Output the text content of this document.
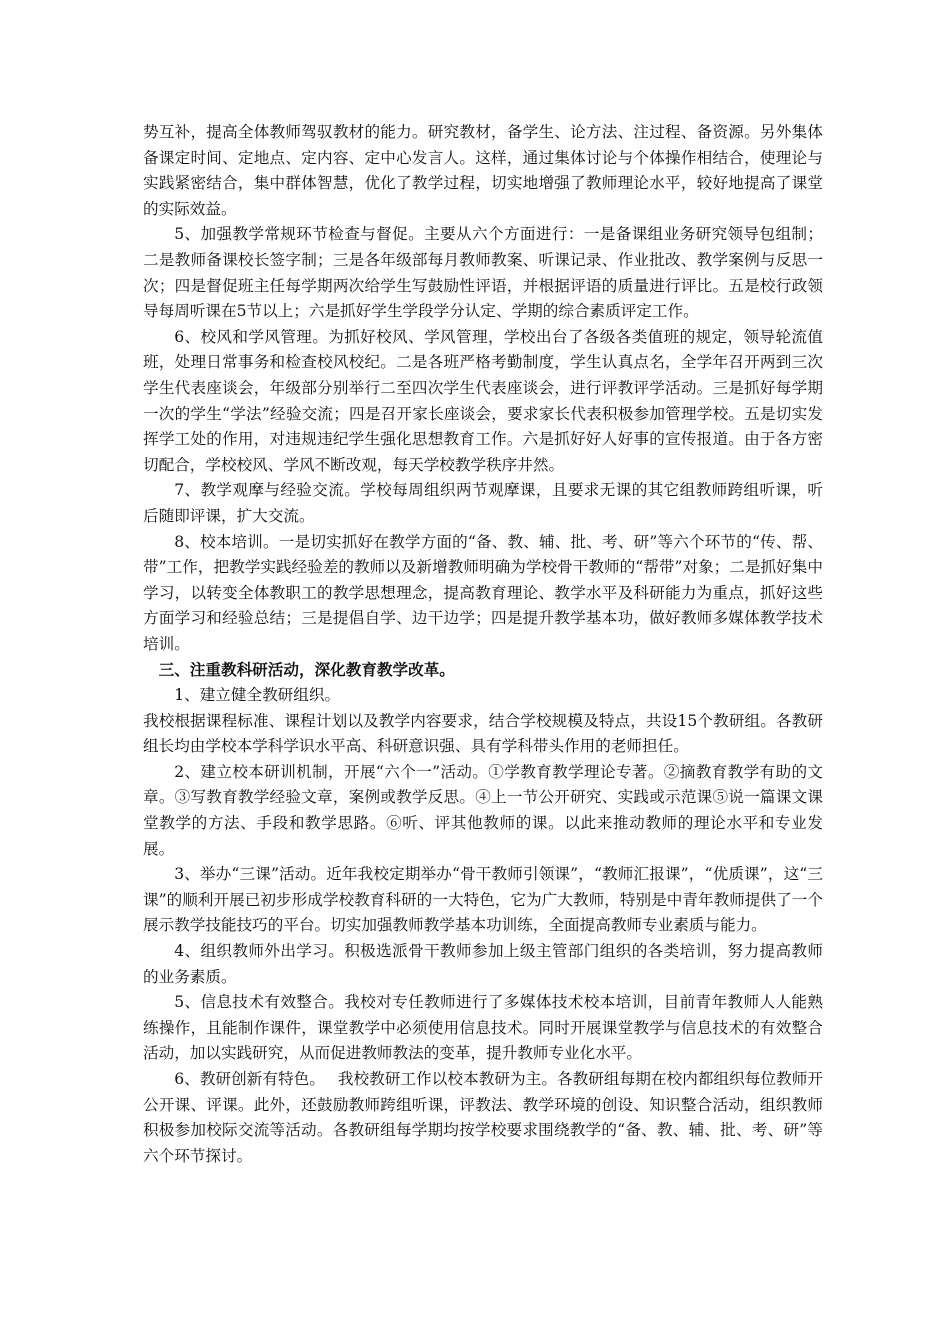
势互补，提高全体教师驾驭教材的能力。研究教材，备学生、论方法、注过程、备资源。另外集体备课定时间、定地点、定内容、定中心发言人。这样，通过集体讨论与个体操作相结合，使理论与实践紧密结合，集中群体智慧，优化了教学过程，切实地增强了教师理论水平，较好地提高了课堂的实际效益。

5、加强教学常规环节检查与督促。主要从六个方面进行：一是备课组业务研究领导包组制；二是教师备课校长签字制；三是各年级部每月教师教案、听课记录、作业批改、教学案例与反思一次；四是督促班主任每学期两次给学生写鼓励性评语，并根据评语的质量进行评比。五是校行政领导每周听课在5节以上；六是抓好学生学段学分认定、学期的综合素质评定工作。

6、校风和学风管理。为抓好校风、学风管理，学校出台了各级各类值班的规定，领导轮流值班，处理日常事务和检查校风校纪。二是各班严格考勤制度，学生认真点名，全学年召开两到三次学生代表座谈会，年级部分别举行二至四次学生代表座谈会，进行评教评学活动。三是抓好每学期一次的学生“学法”经验交流；四是召开家长座谈会，要求家长代表积极参加管理学校。五是切实发挥学工处的作用，对违规违纪学生强化思想教育工作。六是抓好好人好事的宣传报道。由于各方密切配合，学校校风、学风不断改观，每天学校教学秩序井然。

7、教学观摩与经验交流。学校每周组织两节观摩课，且要求无课的其它组教师跨组听课，听后随即评课，扩大交流。

8、校本培训。一是切实抓好在教学方面的“备、教、辅、批、考、研”等六个环节的“传、帮、带”工作，把教学实践经验差的教师以及新增教师明确为学校骨干教师的“帮带”对象；二是抓好集中学习，以转变全体教职工的教学思想理念，提高教育理论、教学水平及科研能力为重点，抓好这些方面学习和经验总结；三是提倡自学、边干边学；四是提升教学基本功，做好教师多媒体教学技术培训。

三、注重教科研活动，深化教育教学改革。

1、建立健全教研组织。

我校根据课程标准、课程计划以及教学内容要求，结合学校规模及特点，共设15个教研组。各教研组长均由学校本学科学识水平高、科研意识强、具有学科带头作用的老师担任。

2、建立校本研训机制，开展“六个一”活动。①学教育教学理论专著。②摘教育教学有助的文章。③写教育教学经验文章，案例或教学反思。④上一节公开研究、实践或示范课⑤说一篇课文课堂教学的方法、手段和教学思路。⑥听、评其他教师的课。以此来推动教师的理论水平和专业发展。

3、举办“三课”活动。近年我校定期举办“骨干教师引领课”，“教师汇报课”，“优质课”，这“三课”的顺利开展已初步形成学校教育科研的一大特色，它为广大教师，特别是中青年教师提供了一个展示教学技能技巧的平台。切实加强教师教学基本功训练，全面提高教师专业素质与能力。

4、组织教师外出学习。积极选派骨干教师参加上级主管部门组织的各类培训，努力提高教师的业务素质。

5、信息技术有效整合。我校对专任教师进行了多媒体技术校本培训，目前青年教师人人能熟练操作，且能制作课件，课堂教学中必须使用信息技术。同时开展课堂教学与信息技术的有效整合活动，加以实践研究，从而促进教师教法的变革，提升教师专业化水平。

6、教研创新有特色。　 我校教研工作以校本教研为主。各教研组每期在校内都组织每位教师开公开课、评课。此外，还鼓励教师跨组听课，评教法、教学环境的创设、知识整合活动，组织教师积极参加校际交流等活动。各教研组每学期均按学校要求围绕教学的“备、教、辅、批、考、研”等六个环节探讨。
